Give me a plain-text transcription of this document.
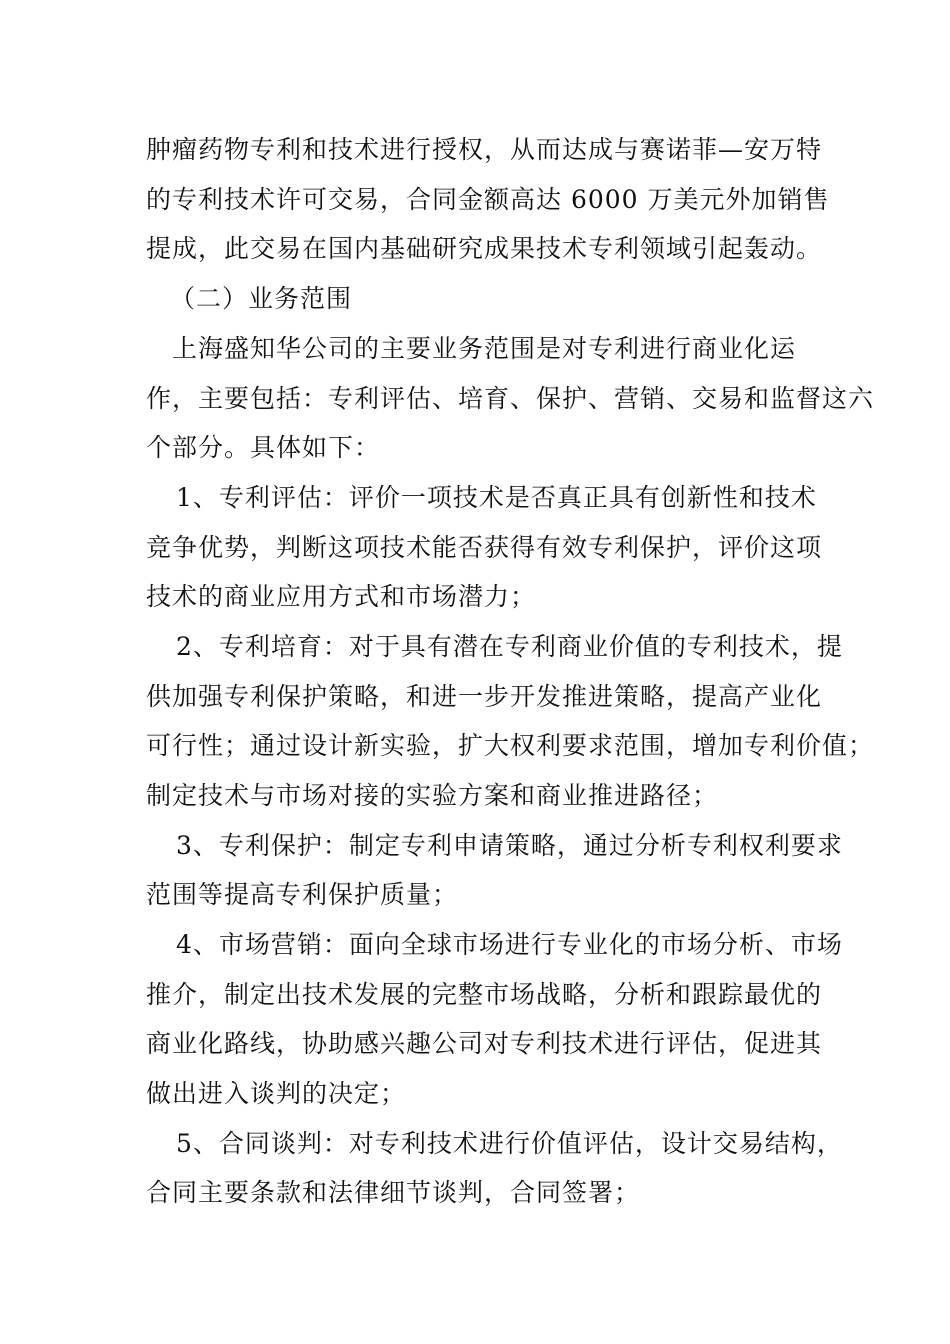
肿瘤药物专利和技术进行授权，从而达成与赛诺菲—安万特
的专利技术许可交易，合同金额高达 6000 万美元外加销售
提成，此交易在国内基础研究成果技术专利领域引起轰动。
（二）业务范围
上海盛知华公司的主要业务范围是对专利进行商业化运
作，主要包括：专利评估、培育、保护、营销、交易和监督这六
个部分。具体如下：
1、专利评估：评价一项技术是否真正具有创新性和技术
竞争优势，判断这项技术能否获得有效专利保护，评价这项
技术的商业应用方式和市场潜力；
2、专利培育：对于具有潜在专利商业价值的专利技术，提
供加强专利保护策略，和进一步开发推进策略，提高产业化
可行性；通过设计新实验，扩大权利要求范围，增加专利价值；
制定技术与市场对接的实验方案和商业推进路径；
3、专利保护：制定专利申请策略，通过分析专利权利要求
范围等提高专利保护质量；
4、市场营销：面向全球市场进行专业化的市场分析、市场
推介，制定出技术发展的完整市场战略，分析和跟踪最优的
商业化路线，协助感兴趣公司对专利技术进行评估，促进其
做出进入谈判的决定；
5、合同谈判：对专利技术进行价值评估，设计交易结构，
合同主要条款和法律细节谈判，合同签署；
